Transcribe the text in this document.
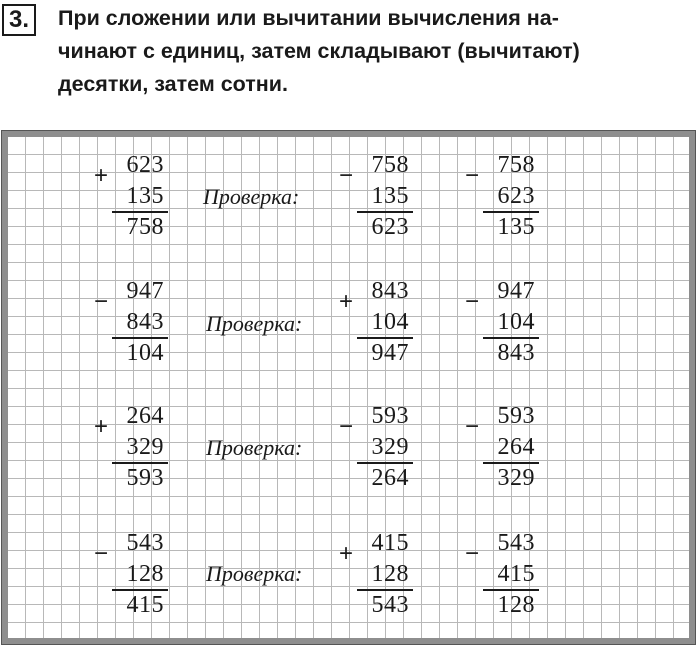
3.	При сложении или вычитании вычисления на-
чинают с единиц, затем складывают (вычитают)
десятки, затем сотни.

+ 623
135
758
Проверка:
− 758
135
623
− 758
623
135
− 947
843
104
Проверка:
+ 843
104
947
− 947
104
843
+ 264
329
593
Проверка:
− 593
329
264
− 593
264
329
− 543
128
415
Проверка:
+ 415
128
543
− 543
415
128
